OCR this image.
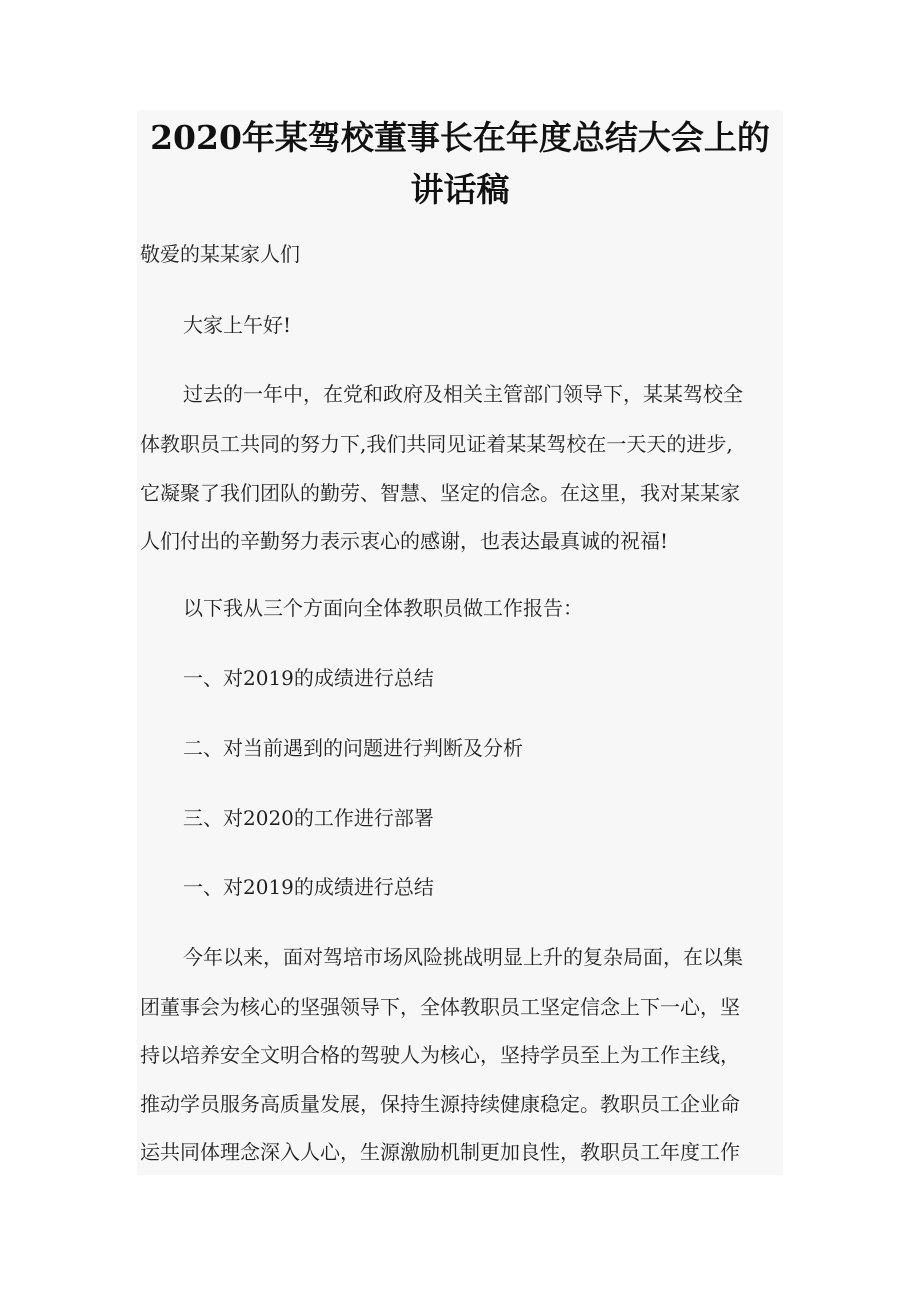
2020年某驾校董事长在年度总结大会上的
讲话稿
敬爱的某某家人们
大家上午好!
过去的一年中，在党和政府及相关主管部门领导下，某某驾校全
体教职员工共同的努力下,我们共同见证着某某驾校在一天天的进步,
它凝聚了我们团队的勤劳、智慧、坚定的信念。在这里，我对某某家
人们付出的辛勤努力表示衷心的感谢，也表达最真诚的祝福!
以下我从三个方面向全体教职员做工作报告：
一、对2019的成绩进行总结
二、对当前遇到的问题进行判断及分析
三、对2020的工作进行部署
一、对2019的成绩进行总结
今年以来，面对驾培市场风险挑战明显上升的复杂局面，在以集
团董事会为核心的坚强领导下，全体教职员工坚定信念上下一心，坚
持以培养安全文明合格的驾驶人为核心，坚持学员至上为工作主线，
推动学员服务高质量发展，保持生源持续健康稳定。教职员工企业命
运共同体理念深入人心，生源激励机制更加良性，教职员工年度工作
